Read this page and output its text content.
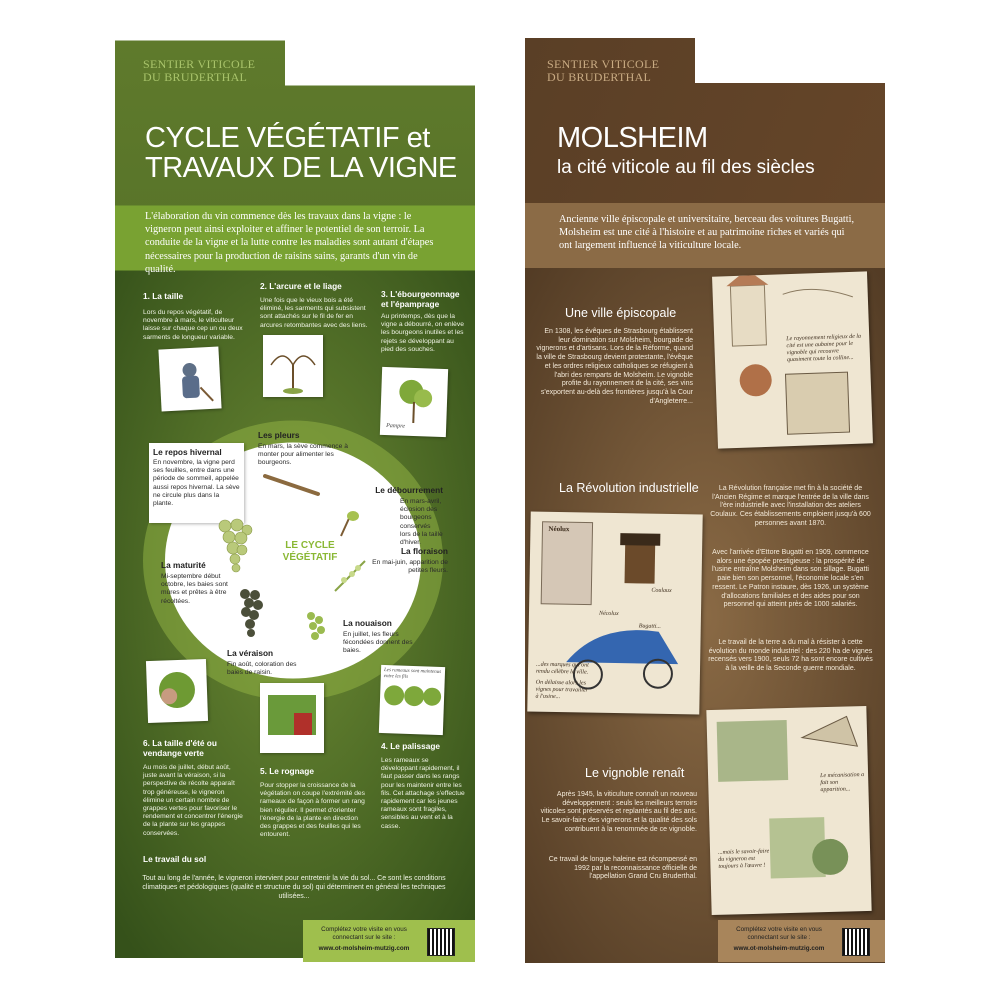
SENTIER VITICOLE
DU BRUDERTHAL
CYCLE VÉGÉTATIF et
TRAVAUX DE LA VIGNE
L'élaboration du vin commence dès les travaux dans la vigne : le vigneron peut ainsi exploiter et affiner le potentiel de son terroir. La conduite de la vigne et la lutte contre les maladies sont autant d'étapes nécessaires pour la production de raisins sains, garants d'un vin de qualité.
1. La taille
Lors du repos végétatif, de novembre à mars, le viticulteur laisse sur chaque cep un ou deux sarments de longueur variable.
2. L'arcure et le liage
Une fois que le vieux bois a été éliminé, les sarments qui subsistent sont attachés sur le fil de fer en arcures retombantes avec des liens.
3. L'ébourgeonnage et l'épamprage
Au printemps, dès que la vigne a débourré, on enlève les bourgeons inutiles et les rejets se développant au pied des souches.
Pampre
Le repos hivernal
En novembre, la vigne perd ses feuilles, entre dans une période de sommeil, appelée aussi repos hivernal. La sève ne circule plus dans la plante.
Les pleurs
En mars, la sève commence à monter pour alimenter les bourgeons.
Le débourrement
En mars-avril, éclosion des bourgeons conservés lors de la taille d'hiver.
La floraison
En mai-juin, apparition de petites fleurs.
La nouaison
En juillet, les fleurs fécondées donnent des baies.
La véraison
Fin août, coloration des baies de raisin.
La maturité
Mi-septembre début octobre, les baies sont mûres et prêtes à être récoltées.
LE CYCLE
VÉGÉTATIF
Les rameaux sont maintenus entre les fils
6. La taille d'été ou vendange verte
Au mois de juillet, début août, juste avant la véraison, si la perspective de récolte apparaît trop généreuse, le vigneron élimine un certain nombre de grappes vertes pour favoriser le rendement et concentrer l'énergie de la plante sur les grappes conservées.
5. Le rognage
Pour stopper la croissance de la végétation on coupe l'extrémité des rameaux de façon à former un rang bien régulier. Il permet d'orienter l'énergie de la plante en direction des grappes et des feuilles qui les entourent.
4. Le palissage
Les rameaux se développant rapidement, il faut passer dans les rangs pour les maintenir entre les fils. Cet attachage s'effectue rapidement car les jeunes rameaux sont fragiles, sensibles au vent et à la casse.
Le travail du sol
Tout au long de l'année, le vigneron intervient pour entretenir la vie du sol... Ce sont les conditions climatiques et pédologiques (qualité et structure du sol) qui déterminent en général les techniques utilisées...
Complétez votre visite en vous
connectant sur le site :
www.ot-molsheim-mutzig.com
SENTIER VITICOLE
DU BRUDERTHAL
MOLSHEIM
la cité viticole au fil des siècles
Ancienne ville épiscopale et universitaire, berceau des voitures Bugatti, Molsheim est une cité à l'histoire et au patrimoine riches et variés qui ont largement influencé la viticulture locale.
Une ville épiscopale
En 1308, les évêques de Strasbourg établissent leur domination sur Molsheim, bourgade de vignerons et d'artisans. Lors de la Réforme, quand la ville de Strasbourg devient protestante, l'évêque et les ordres religieux catholiques se réfugient à l'abri des remparts de Molsheim. Le vignoble profite du rayonnement de la cité, ses vins s'exportent au-delà des frontières jusqu'à la Cour d'Angleterre...
Le rayonnement religieux de la cité est une aubaine pour le vignoble qui recouvre quasiment toute la colline...
La Révolution industrielle	La Révolution française met fin à la société de l'Ancien Régime et marque l'entrée de la ville dans l'ère industrielle avec l'installation des ateliers Coulaux. Ces établissements emploient jusqu'à 600 personnes avant 1870.
Avec l'arrivée d'Ettore Bugatti en 1909, commence alors une épopée prestigieuse : la prospérité de l'usine entraîne Molsheim dans son sillage. Bugatti paie bien son personnel, l'économie locale s'en ressent. Le Patron instaure, dès 1926, un système d'allocations familiales et des aides pour son personnel qui atteint près de 1000 salariés.
Le travail de la terre a du mal à résister à cette évolution du monde industriel : des 220 ha de vignes recensés vers 1900, seuls 72 ha sont encore cultivés à la veille de la Seconde guerre mondiale.
Néolux
Coulaux
Nécolux
Bugatti...
...des marques qui ont rendu célèbre la ville.
On délaisse alors les vignes pour travailler à l'usine...
Le vignoble renaît
Après 1945, la viticulture connaît un nouveau développement : seuls les meilleurs terroirs viticoles sont préservés et replantés au fil des ans. Le savoir-faire des vignerons et la qualité des sols contribuent à la renommée de ce vignoble.
Ce travail de longue haleine est récompensé en 1992 par la reconnaissance officielle de l'appellation Grand Cru Bruderthal.
Le mécanisation a fait son apparition...
...mais le savoir-faire du vigneron est toujours à l'œuvre !
Complétez votre visite en vous
connectant sur le site :
www.ot-molsheim-mutzig.com
